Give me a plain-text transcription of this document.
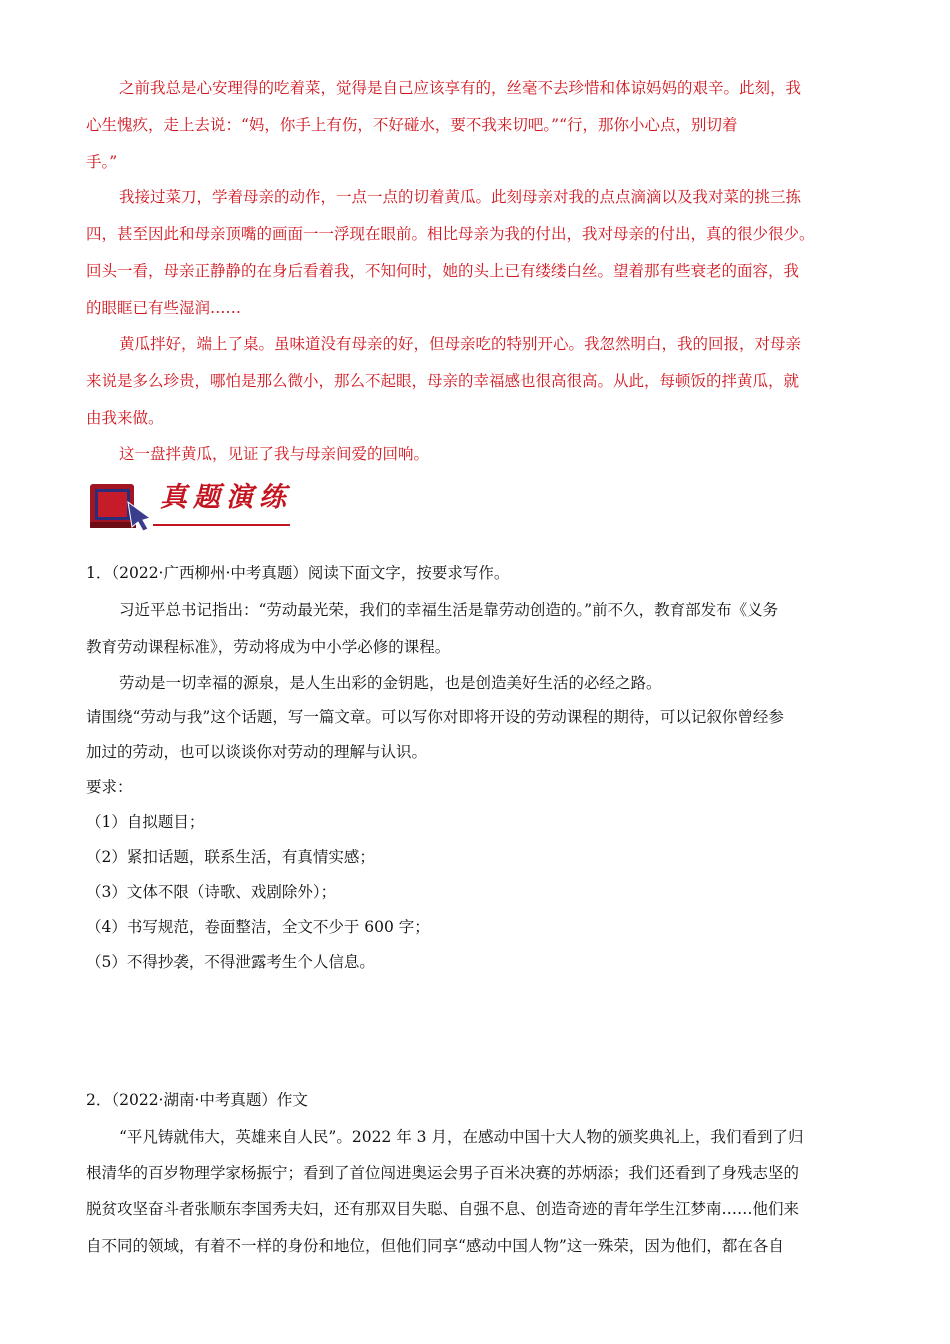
之前我总是心安理得的吃着菜，觉得是自己应该享有的，丝毫不去珍惜和体谅妈妈的艰辛。此刻，我
心生愧疚，走上去说：“妈，你手上有伤，不好碰水，要不我来切吧。”“行，那你小心点，别切着
手。”
我接过菜刀，学着母亲的动作，一点一点的切着黄瓜。此刻母亲对我的点点滴滴以及我对菜的挑三拣
四，甚至因此和母亲顶嘴的画面一一浮现在眼前。相比母亲为我的付出，我对母亲的付出，真的很少很少。
回头一看，母亲正静静的在身后看着我，不知何时，她的头上已有缕缕白丝。望着那有些衰老的面容，我
的眼眶已有些湿润……
黄瓜拌好，端上了桌。虽味道没有母亲的好，但母亲吃的特别开心。我忽然明白，我的回报，对母亲
来说是多么珍贵，哪怕是那么微小，那么不起眼，母亲的幸福感也很高很高。从此，每顿饭的拌黄瓜，就
由我来做。
这一盘拌黄瓜，见证了我与母亲间爱的回响。
真题演练
1．（2022·广西柳州·中考真题）阅读下面文字，按要求写作。
习近平总书记指出：“劳动最光荣，我们的幸福生活是靠劳动创造的。”前不久，教育部发布《义务
教育劳动课程标准》，劳动将成为中小学必修的课程。
劳动是一切幸福的源泉，是人生出彩的金钥匙，也是创造美好生活的必经之路。
请围绕“劳动与我”这个话题，写一篇文章。可以写你对即将开设的劳动课程的期待，可以记叙你曾经参
加过的劳动，也可以谈谈你对劳动的理解与认识。
要求：
（1）自拟题目；
（2）紧扣话题，联系生活，有真情实感；
（3）文体不限（诗歌、戏剧除外）；
（4）书写规范，卷面整洁，全文不少于 600 字；
（5）不得抄袭，不得泄露考生个人信息。
2．（2022·湖南·中考真题）作文
“平凡铸就伟大，英雄来自人民”。2022 年 3 月，在感动中国十大人物的颁奖典礼上，我们看到了归
根清华的百岁物理学家杨振宁；看到了首位闯进奥运会男子百米决赛的苏炳添；我们还看到了身残志坚的
脱贫攻坚奋斗者张顺东李国秀夫妇，还有那双目失聪、自强不息、创造奇迹的青年学生江梦南……他们来
自不同的领域，有着不一样的身份和地位，但他们同享“感动中国人物”这一殊荣，因为他们，都在各自
